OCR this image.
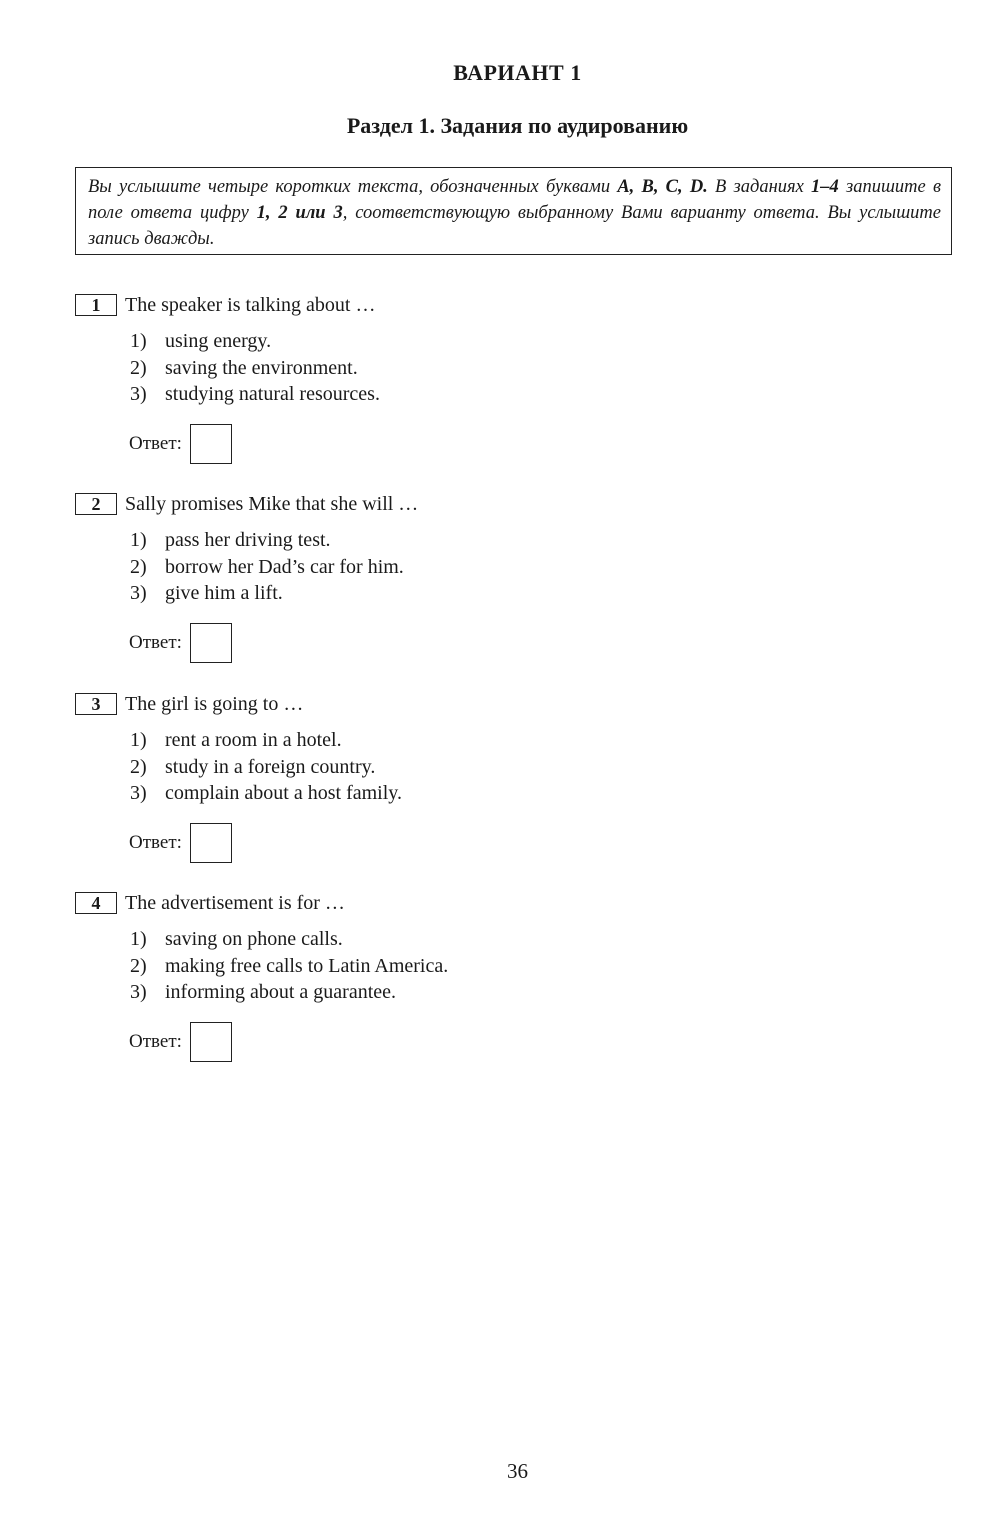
ВАРИАНТ 1
Раздел 1. Задания по аудированию
Вы услышите четыре коротких текста, обозначенных буквами A, B, C, D. В заданиях 1–4 запишите в поле ответа цифру 1, 2 или 3, соответствующую выбранному Вами варианту ответа. Вы услышите запись дважды.
1	The speaker is talking about …
1) using energy.
2) saving the environment.
3) studying natural resources.
Ответ:
2	Sally promises Mike that she will …
1) pass her driving test.
2) borrow her Dad’s car for him.
3) give him a lift.
Ответ:
3	The girl is going to …
1) rent a room in a hotel.
2) study in a foreign country.
3) complain about a host family.
Ответ:
4	The advertisement is for …
1) saving on phone calls.
2) making free calls to Latin America.
3) informing about a guarantee.
Ответ:
36
